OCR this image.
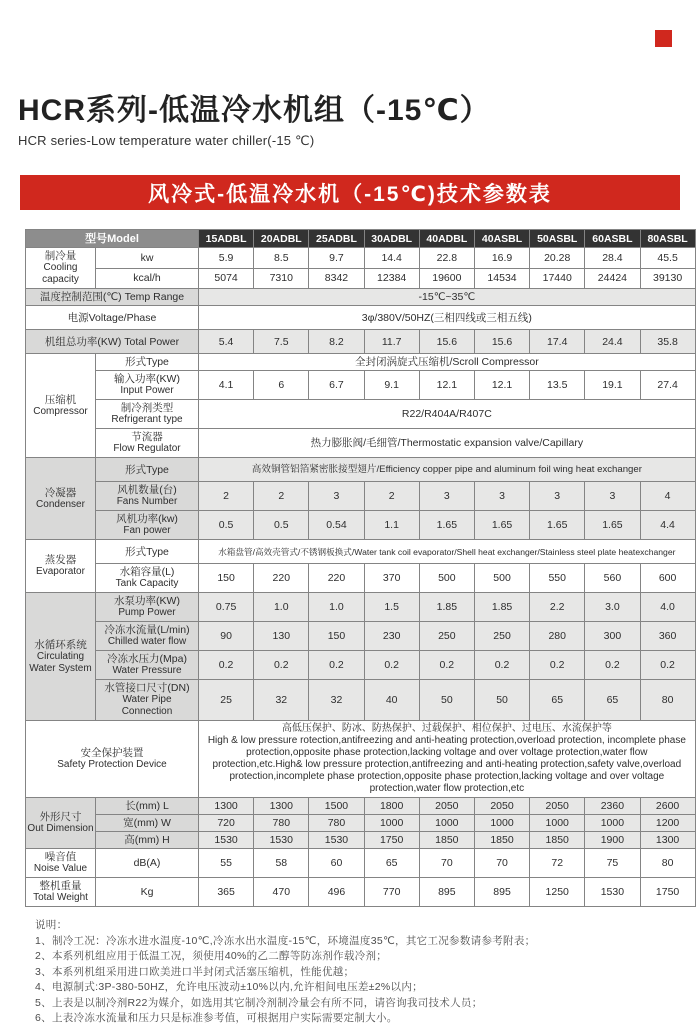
HCR系列-低温冷水机组（-15℃）
HCR series-Low temperature water chiller(-15 ℃)
风冷式-低温冷水机（-15℃)技术参数表
型号Model		15ADBL	20ADBL	25ADBL	30ADBL	40ADBL	40ASBL	50ASBL	60ASBL	80ASBL

制冷量
Cooling capacity	kw	5.9	8.5	9.7	14.4	22.8	16.9	20.28	28.4	45.5
	kcal/h	5074	7310	8342	12384	19600	14534	17440	24424	39130
温度控制范围(℃) Temp Range		-15℃~35℃								
电源Voltage/Phase		3φ/380V/50HZ(三相四线或三相五线)								
机组总功率(KW) Total Power		5.4	7.5	8.2	11.7	15.6	15.6	17.4	24.4	35.8

压缩机
Compressor	形式Type	全封闭涡旋式压缩机/Scroll Compressor								

	输入功率(KW)
Input Power	4.1	6	6.7	9.1	12.1	12.1	13.5	19.1	27.4

	制冷剂类型
Refrigerant type	R22/R404A/R407C								

	节流器
Flow Regulator	热力膨胀阀/毛细管/Thermostatic expansion valve/Capillary								

冷凝器
Condenser	形式Type	高效铜管铝箔紧密胀接型翅片/Efficiency copper pipe and aluminum foil wing heat exchanger								

	风机数量(台)
Fans Number	2	2	3	2	3	3	3	3	4

	风机功率(kw)
Fan power	0.5	0.5	0.54	1.1	1.65	1.65	1.65	1.65	4.4

蒸发器
Evaporator	形式Type	水箱盘管/高效壳管式/不锈钢板换式/Water tank coil evaporator/Shell heat exchanger/Stainless steel plate heatexchanger								

	水箱容量(L)
Tank Capacity	150	220	220	370	500	500	550	560	600

水循环系统
Circulating Water System

水泵功率(KW)
Pump Power	0.75	1.0	1.0	1.5	1.85	1.85	2.2	3.0	4.0

	冷冻水流量(L/min)
Chilled water flow	90	130	150	230	250	250	280	300	360

	冷冻水压力(Mpa)
Water Pressure	0.2	0.2	0.2	0.2	0.2	0.2	0.2	0.2	0.2

	水管接口尺寸(DN)
Water Pipe Connection	25	32	32	40	50	50	65	65	80

安全保护装置
Safety Protection Device

高低压保护、防冰、防热保护、过载保护、相位保护、过电压、水流保护等
High & low pressure rotection,antifreezing and anti-heating protection,overload protection, incomplete phase protection,opposite phase protection,lacking voltage and over voltage protection,water flow protection,etc.High& low pressure protection,antifreezing and anti-heating protection,safety valve,overload protection,incomplete phase protection,opposite phase protection,lacking voltage and over voltage protection,water flow protection,etc

外形尺寸
Out Dimension	长(mm) L	1300	1300	1500	1800	2050	2050	2050	2360	2600
	宽(mm) W	720	780	780	1000	1000	1000	1000	1000	1200
	高(mm) H	1530	1530	1530	1750	1850	1850	1850	1900	1300

噪音值
Noise Value	dB(A)	55	58	60	65	70	70	72	75	80

整机重量
Total Weight	Kg	365	470	496	770	895	895	1250	1530	1750
说明：
1、制冷工况：冷冻水进水温度-10℃,冷冻水出水温度-15℃，环境温度35℃，其它工况参数请参考附表；
2、本系列机组应用于低温工况，须使用40%的乙二醇等防冻剂作载冷剂；
3、本系列机组采用进口欧美进口半封闭式活塞压缩机，性能优越；
4、电源制式:3P-380-50HZ，允许电压波动±10%以内,允许相间电压差±2%以内；
5、上表是以制冷剂R22为媒介，如选用其它制冷剂制冷量会有所不同，请咨询我司技术人员；
6、上表冷冻水流量和压力只是标准参考值，可根据用户实际需要定制大小。
